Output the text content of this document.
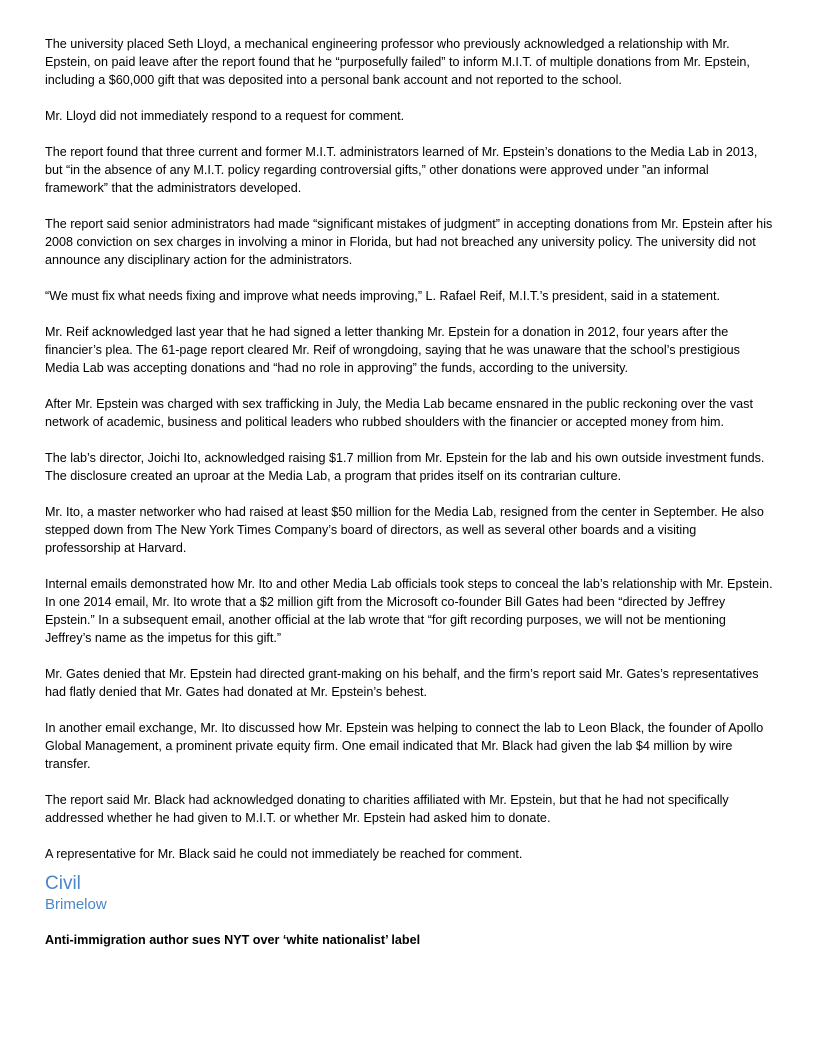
The university placed Seth Lloyd, a mechanical engineering professor who previously acknowledged a relationship with Mr. Epstein, on paid leave after the report found that he “purposefully failed” to inform M.I.T. of multiple donations from Mr. Epstein, including a $60,000 gift that was deposited into a personal bank account and not reported to the school.

Mr. Lloyd did not immediately respond to a request for comment.

The report found that three current and former M.I.T. administrators learned of Mr. Epstein’s donations to the Media Lab in 2013, but “in the absence of any M.I.T. policy regarding controversial gifts,” other donations were approved under ”an informal framework” that the administrators developed.

The report said senior administrators had made “significant mistakes of judgment” in accepting donations from Mr. Epstein after his 2008 conviction on sex charges in involving a minor in Florida, but had not breached any university policy. The university did not announce any disciplinary action for the administrators.

“We must fix what needs fixing and improve what needs improving,” L. Rafael Reif, M.I.T.’s president, said in a statement.

Mr. Reif acknowledged last year that he had signed a letter thanking Mr. Epstein for a donation in 2012, four years after the financier’s plea. The 61-page report cleared Mr. Reif of wrongdoing, saying that he was unaware that the school’s prestigious Media Lab was accepting donations and “had no role in approving” the funds, according to the university.

After Mr. Epstein was charged with sex trafficking in July, the Media Lab became ensnared in the public reckoning over the vast network of academic, business and political leaders who rubbed shoulders with the financier or accepted money from him.

The lab’s director, Joichi Ito, acknowledged raising $1.7 million from Mr. Epstein for the lab and his own outside investment funds. The disclosure created an uproar at the Media Lab, a program that prides itself on its contrarian culture.

Mr. Ito, a master networker who had raised at least $50 million for the Media Lab, resigned from the center in September. He also stepped down from The New York Times Company’s board of directors, as well as several other boards and a visiting professorship at Harvard.

Internal emails demonstrated how Mr. Ito and other Media Lab officials took steps to conceal the lab’s relationship with Mr. Epstein. In one 2014 email, Mr. Ito wrote that a $2 million gift from the Microsoft co-founder Bill Gates had been “directed by Jeffrey Epstein.” In a subsequent email, another official at the lab wrote that “for gift recording purposes, we will not be mentioning Jeffrey’s name as the impetus for this gift.”

Mr. Gates denied that Mr. Epstein had directed grant-making on his behalf, and the firm’s report said Mr. Gates’s representatives had flatly denied that Mr. Gates had donated at Mr. Epstein’s behest.

In another email exchange, Mr. Ito discussed how Mr. Epstein was helping to connect the lab to Leon Black, the founder of Apollo Global Management, a prominent private equity firm. One email indicated that Mr. Black had given the lab $4 million by wire transfer.

The report said Mr. Black had acknowledged donating to charities affiliated with Mr. Epstein, but that he had not specifically addressed whether he had given to M.I.T. or whether Mr. Epstein had asked him to donate.

A representative for Mr. Black said he could not immediately be reached for comment.

Civil
Brimelow

Anti-immigration author sues NYT over ‘white nationalist’ label
